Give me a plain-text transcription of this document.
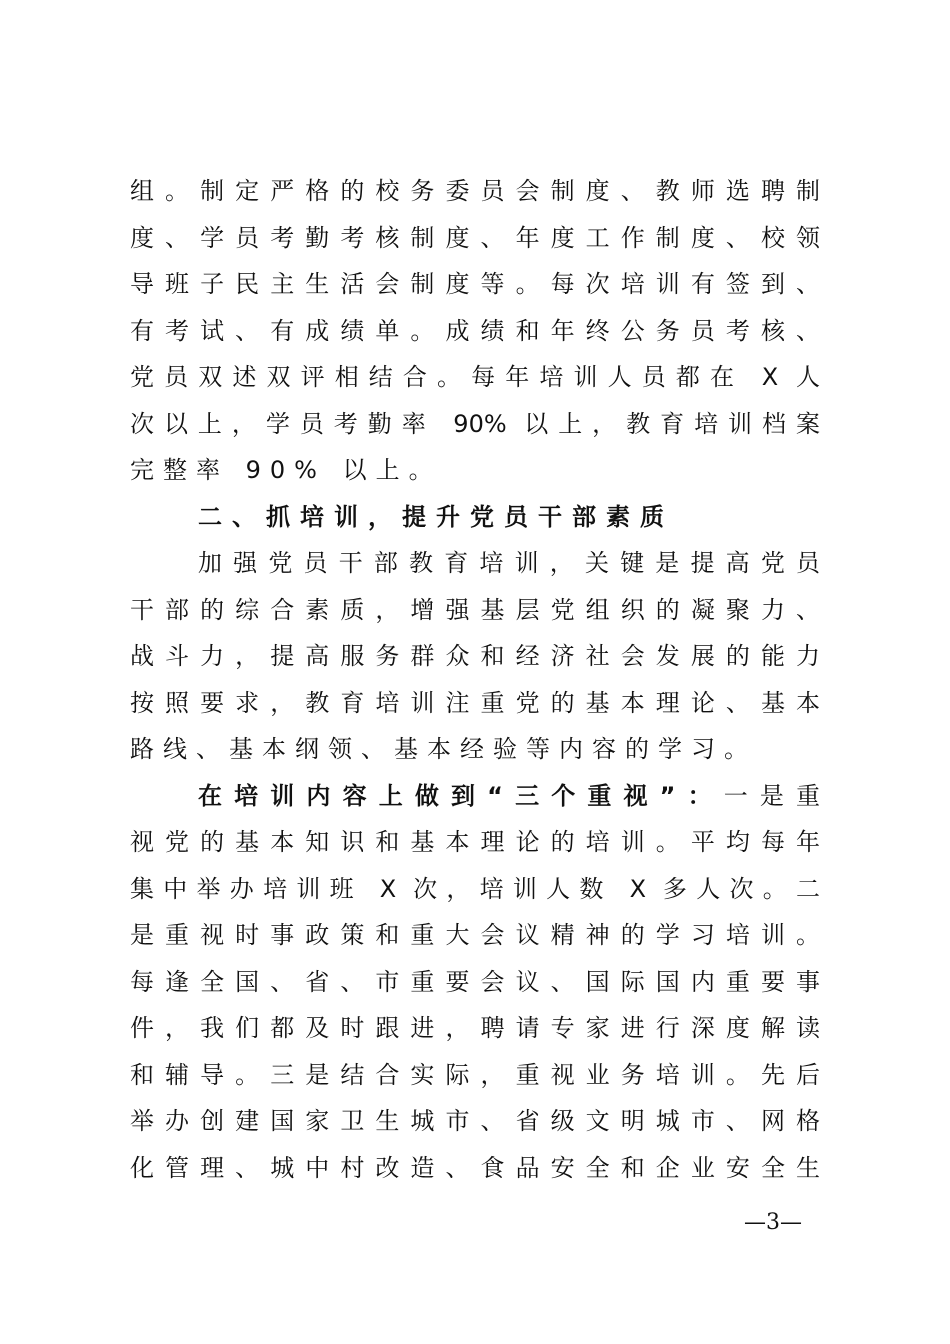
组。制定严格的校务委员会制度、教师选聘制
度、学员考勤考核制度、年度工作制度、校领
导班子民主生活会制度等。每次培训有签到、
有考试、有成绩单。成绩和年终公务员考核、
党员双述双评相结合。每年培训人员都在 X 人
次以上，学员考勤率 90% 以上，教育培训档案
完整率 90% 以上。
二、抓培训，提升党员干部素质
加强党员干部教育培训，关键是提高党员
干部的综合素质，增强基层党组织的凝聚力、
战斗力，提高服务群众和经济社会发展的能力
按照要求，教育培训注重党的基本理论、基本
路线、基本纲领、基本经验等内容的学习。
在培训内容上做到“三个重视”：一是重
视党的基本知识和基本理论的培训。平均每年
集中举办培训班 X 次，培训人数 X 多人次。二
是重视时事政策和重大会议精神的学习培训。
每逢全国、省、市重要会议、国际国内重要事
件，我们都及时跟进，聘请专家进行深度解读
和辅导。三是结合实际，重视业务培训。先后
举办创建国家卫生城市、省级文明城市、网格
化管理、城中村改造、食品安全和企业安全生
—3—
